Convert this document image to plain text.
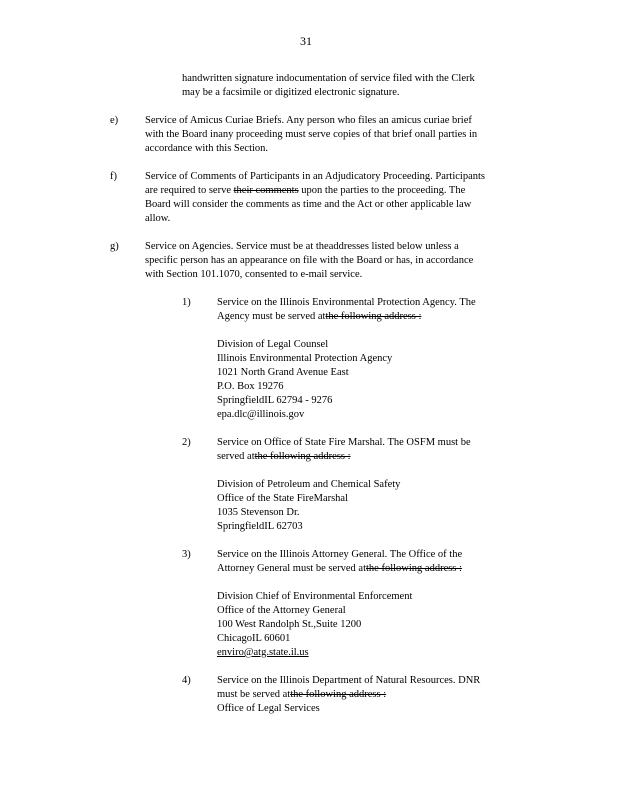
31
handwritten signature indocumentation of service filed with the Clerk
may be a facsimile or digitized electronic signature.
e)	Service of Amicus Curiae Briefs. Any person who files an amicus curiae brief
with the Board inany proceeding must serve copies of that brief onall parties in
accordance with this Section.
f)	Service of Comments of Participants in an Adjudicatory Proceeding. Participants
are required to serve their comments upon the parties to the proceeding. The
Board will consider the comments as time and the Act or other applicable law
allow.
g)	Service on Agencies. Service must be at theaddresses listed below unless a
specific person has an appearance on file with the Board or has, in accordance
with Section 101.1070, consented to e-mail service.
1)	Service on the Illinois Environmental Protection Agency. The
Agency must be served atthe following address :
Division of Legal Counsel
Illinois Environmental Protection Agency
1021 North Grand Avenue East
P.O. Box 19276
SpringfieldIL 62794 - 9276
epa.dlc@illinois.gov
2)	Service on Office of State Fire Marshal. The OSFM must be
served atthe following address :
Division of Petroleum and Chemical Safety
Office of the State FireMarshal
1035 Stevenson Dr.
SpringfieldIL 62703
3)	Service on the Illinois Attorney General. The Office of the
Attorney General must be served atthe following address :
Division Chief of Environmental Enforcement
Office of the Attorney General
100 West Randolph St.,Suite 1200
ChicagoIL 60601
enviro@atg.state.il.us
4)	Service on the Illinois Department of Natural Resources. DNR
must be served atthe following address :
Office of Legal Services
